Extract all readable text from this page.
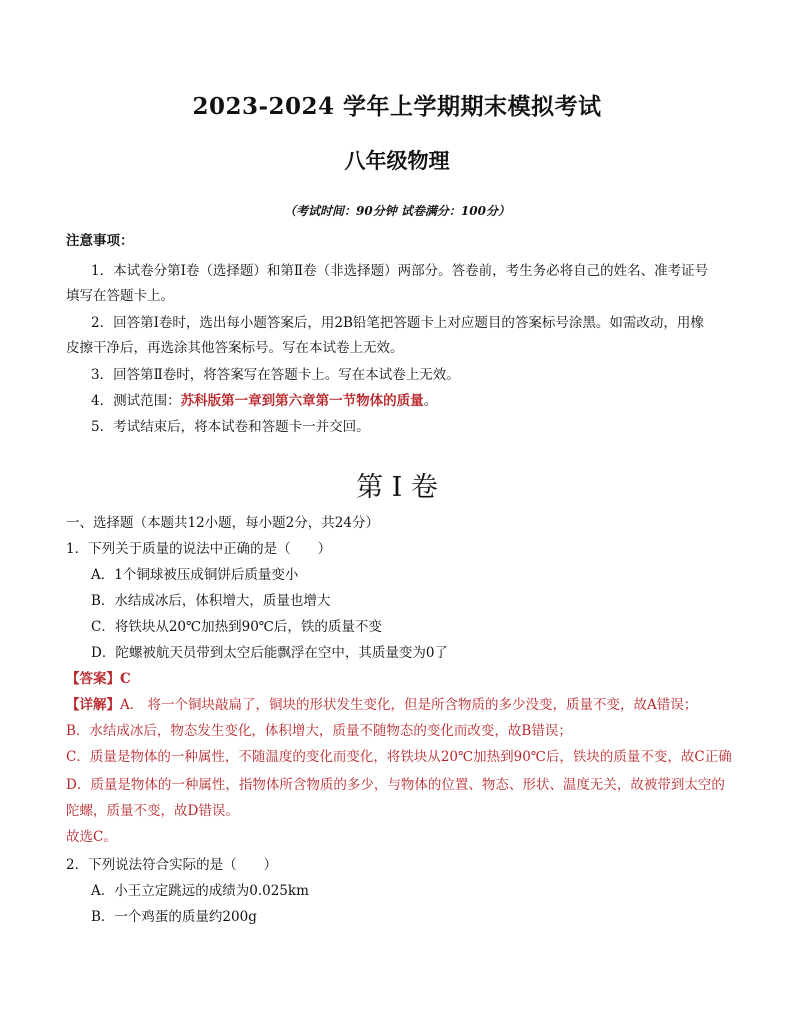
2023-2024 学年上学期期末模拟考试
八年级物理
（考试时间：90分钟 试卷满分：100分）
注意事项：
1．本试卷分第Ⅰ卷（选择题）和第Ⅱ卷（非选择题）两部分。答卷前，考生务必将自己的姓名、准考证号
填写在答题卡上。
2．回答第Ⅰ卷时，选出每小题答案后，用2B铅笔把答题卡上对应题目的答案标号涂黑。如需改动，用橡
皮擦干净后，再选涂其他答案标号。写在本试卷上无效。
3．回答第Ⅱ卷时，将答案写在答题卡上。写在本试卷上无效。
4．测试范围：苏科版第一章到第六章第一节物体的质量。
5．考试结束后，将本试卷和答题卡一并交回。
第 I 卷
一、选择题（本题共12小题，每小题2分，共24分）
1．下列关于质量的说法中正确的是（　　）
A．1个铜球被压成铜饼后质量变小
B．水结成冰后，体积增大，质量也增大
C．将铁块从20℃加热到90℃后，铁的质量不变
D．陀螺被航天员带到太空后能飘浮在空中，其质量变为0了
【答案】C
【详解】A． 将一个铜块敲扁了，铜块的形状发生变化，但是所含物质的多少没变，质量不变，故A错误；
B．水结成冰后，物态发生变化，体积增大，质量不随物态的变化而改变，故B错误；
C．质量是物体的一种属性，不随温度的变化而变化，将铁块从20℃加热到90℃后，铁块的质量不变，故C正确
D．质量是物体的一种属性，指物体所含物质的多少，与物体的位置、物态、形状、温度无关，故被带到太空的
陀螺，质量不变，故D错误。
故选C。
2．下列说法符合实际的是（　　）
A．小王立定跳远的成绩为0.025km
B．一个鸡蛋的质量约200g
